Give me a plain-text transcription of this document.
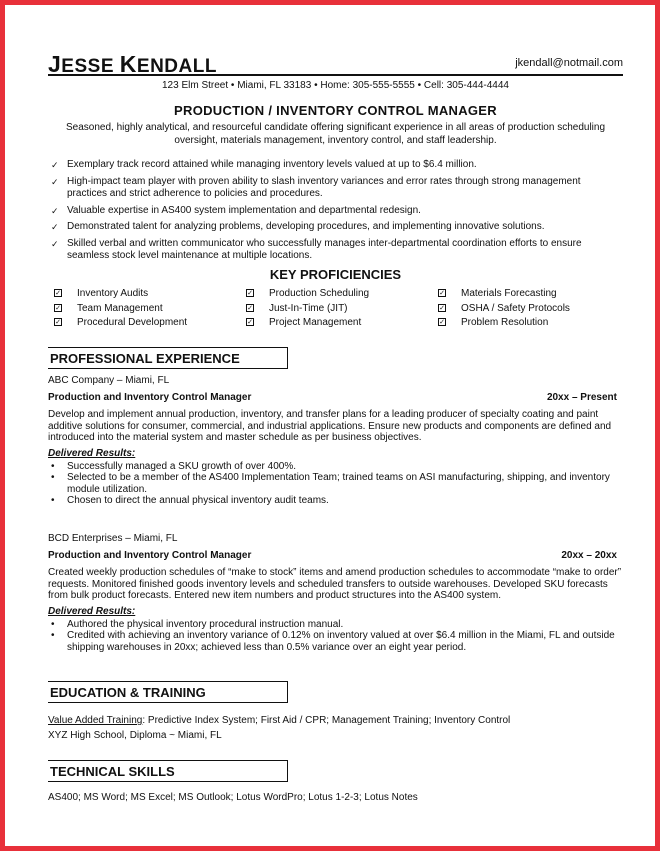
JESSE KENDALL	jkendall@notmail.com
123 Elm Street • Miami, FL 33183 • Home: 305-555-5555 • Cell: 305-444-4444
PRODUCTION / INVENTORY CONTROL MANAGER
Seasoned, highly analytical, and resourceful candidate offering significant experience in all areas of production scheduling oversight, materials management, inventory control, and staff leadership.
✓ Exemplary track record attained while managing inventory levels valued at up to $6.4 million.
✓ High-impact team player with proven ability to slash inventory variances and error rates through strong management practices and strict adherence to policies and procedures.
✓ Valuable expertise in AS400 system implementation and departmental redesign.
✓ Demonstrated talent for analyzing problems, developing procedures, and implementing innovative solutions.
✓ Skilled verbal and written communicator who successfully manages inter-departmental coordination efforts to ensure seamless stock level maintenance at multiple locations.
KEY PROFICIENCIES
✓ Inventory Audits	✓ Production Scheduling	✓ Materials Forecasting
✓ Team Management	✓ Just-In-Time (JIT)	✓ OSHA / Safety Protocols
✓ Procedural Development	✓ Project Management	✓ Problem Resolution
PROFESSIONAL EXPERIENCE
ABC Company – Miami, FL
Production and Inventory Control Manager	20xx – Present
Develop and implement annual production, inventory, and transfer plans for a leading producer of specialty coating and paint additive solutions for consumer, commercial, and industrial applications. Ensure new products and components are defined and introduced into the material system and master schedule as per business objectives.
Delivered Results:
• Successfully managed a SKU growth of over 400%.
• Selected to be a member of the AS400 Implementation Team; trained teams on ASI manufacturing, shipping, and inventory module utilization.
• Chosen to direct the annual physical inventory audit teams.
BCD Enterprises – Miami, FL
Production and Inventory Control Manager	20xx – 20xx
Created weekly production schedules of “make to stock” items and amend production schedules to accommodate “make to order” requests. Monitored finished goods inventory levels and scheduled transfers to outside warehouses. Developed SKU forecasts from bulk product forecasts. Entered new item numbers and product structures into the AS400 system.
Delivered Results:
• Authored the physical inventory procedural instruction manual.
• Credited with achieving an inventory variance of 0.12% on inventory valued at over $6.4 million in the Miami, FL and outside shipping warehouses in 20xx; achieved less than 0.5% variance over an eight year period.
EDUCATION & TRAINING
Value Added Training: Predictive Index System; First Aid / CPR; Management Training; Inventory Control
XYZ High School, Diploma ~ Miami, FL
TECHNICAL SKILLS
AS400; MS Word; MS Excel; MS Outlook; Lotus WordPro; Lotus 1-2-3; Lotus Notes
